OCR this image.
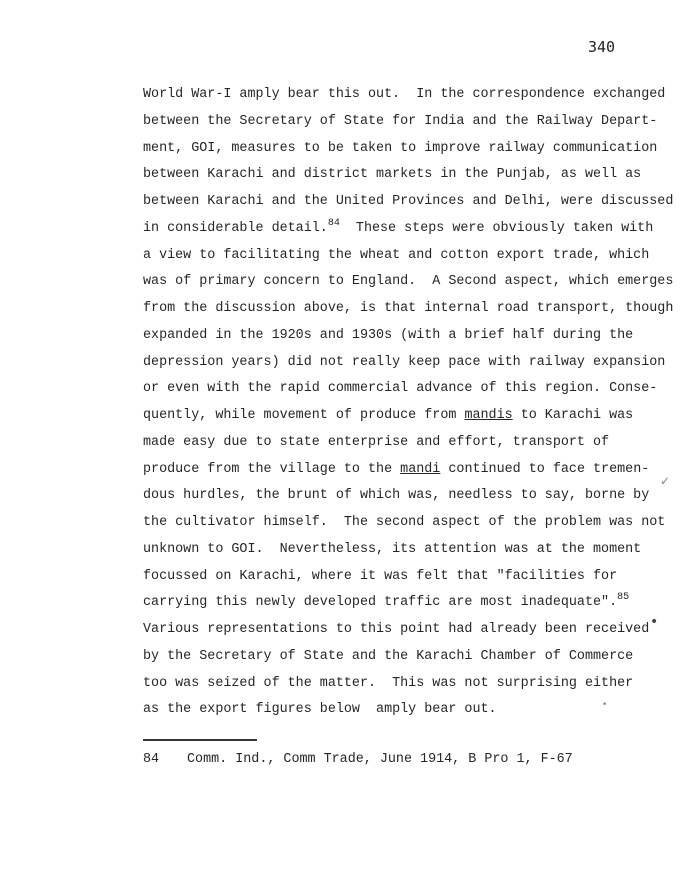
340
World War-I amply bear this out.  In the correspondence exchanged
between the Secretary of State for India and the Railway Depart-
ment, GOI, measures to be taken to improve railway communication
between Karachi and district markets in the Punjab, as well as
between Karachi and the United Provinces and Delhi, were discussed
in considerable detail.$^{84}$  These steps were obviously taken with
a view to facilitating the wheat and cotton export trade, which
was of primary concern to England.  A Second aspect, which emerges
from the discussion above, is that internal road transport, though
expanded in the 1920s and 1930s (with a brief half during the
depression years) did not really keep pace with railway expansion
or even with the rapid commercial advance of this region. Conse-
quently, while movement of produce from mandis to Karachi was
made easy due to state enterprise and effort, transport of
produce from the village to the mandi continued to face tremen-
dous hurdles, the brunt of which was, needless to say, borne by
the cultivator himself.  The second aspect of the problem was not
unknown to GOI.  Nevertheless, its attention was at the moment
focussed on Karachi, where it was felt that "facilities for
carrying this newly developed traffic are most inadequate".$^{85}$
Various representations to this point had already been received
by the Secretary of State and the Karachi Chamber of Commerce
too was seized of the matter.  This was not surprising either
as the export figures below  amply bear out.
✓
•
•
84 Comm. Ind., Comm Trade, June 1914, B Pro 1, F-67
